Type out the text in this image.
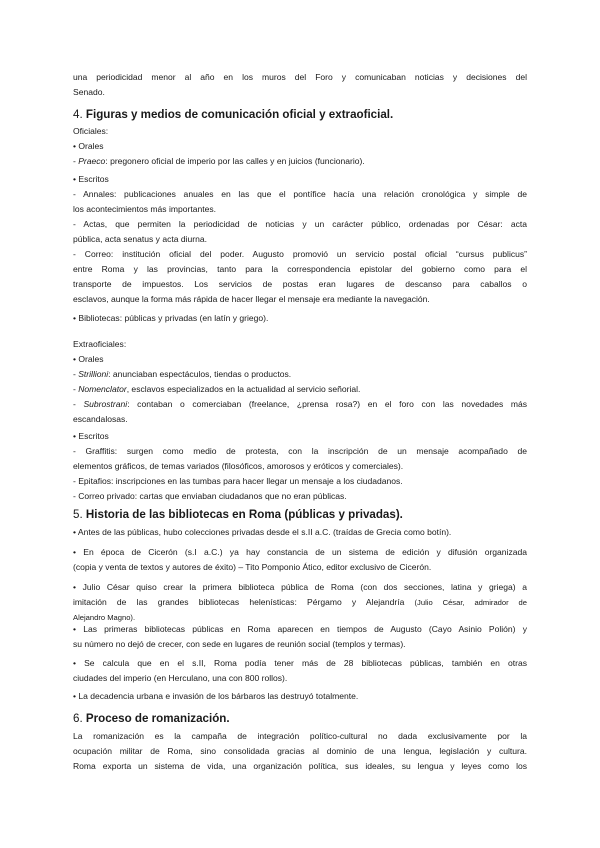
una periodicidad menor al año en los muros del Foro y comunicaban noticias y decisiones del

Senado.

4. Figuras y medios de comunicación oficial y extraoficial.

Oficiales:

• Orales

- Praeco: pregonero oficial de imperio por las calles y en juicios (funcionario).

• Escritos

- Annales: publicaciones anuales en las que el pontífice hacía una relación cronológica y simple de

los acontecimientos más importantes.

- Actas, que permiten la periodicidad de noticias y un carácter público, ordenadas por César: acta

pública, acta senatus y acta diurna.

- Correo: institución oficial del poder. Augusto promovió un servicio postal oficial “cursus publicus”

entre Roma y las provincias, tanto para la correspondencia epistolar del gobierno como para el

transporte de impuestos. Los servicios de postas eran lugares de descanso para caballos o

esclavos, aunque la forma más rápida de hacer llegar el mensaje era mediante la navegación.

• Bibliotecas: públicas y privadas (en latín y griego).

Extraoficiales:

• Orales

- Strillioni: anunciaban espectáculos, tiendas o productos.

- Nomenclator, esclavos especializados en la actualidad al servicio señorial.

- Subrostrani: contaban o comerciaban (freelance, ¿prensa rosa?) en el foro con las novedades más

escandalosas.

• Escritos

- Graffitis: surgen como medio de protesta, con la inscripción de un mensaje acompañado de

elementos gráficos, de temas variados (filosóficos, amorosos y eróticos y comerciales).

- Epitafios: inscripciones en las tumbas para hacer llegar un mensaje a los ciudadanos.

- Correo privado: cartas que enviaban ciudadanos que no eran públicas.

5. Historia de las bibliotecas en Roma (públicas y privadas).

• Antes de las públicas, hubo colecciones privadas desde el s.II a.C. (traídas de Grecia como botín).

• En época de Cicerón (s.I a.C.) ya hay constancia de un sistema de edición y difusión organizada

(copia y venta de textos y autores de éxito) – Tito Pomponio Ático, editor exclusivo de Cicerón.

• Julio César quiso crear la primera biblioteca pública de Roma (con dos secciones, latina y griega) a

imitación de las grandes bibliotecas helenísticas: Pérgamo y Alejandría (Julio César, admirador de

Alejandro Magno).

• Las primeras bibliotecas públicas en Roma aparecen en tiempos de Augusto (Cayo Asinio Polión) y

su número no dejó de crecer, con sede en lugares de reunión social (templos y termas).

• Se calcula que en el s.II, Roma podía tener más de 28 bibliotecas públicas, también en otras

ciudades del imperio (en Herculano, una con 800 rollos).

• La decadencia urbana e invasión de los bárbaros las destruyó totalmente.

6. Proceso de romanización.

La romanización es la campaña de integración político-cultural no dada exclusivamente por la

ocupación militar de Roma, sino consolidada gracias al dominio de una lengua, legislación y cultura.

Roma exporta un sistema de vida, una organización política, sus ideales, su lengua y leyes como los
